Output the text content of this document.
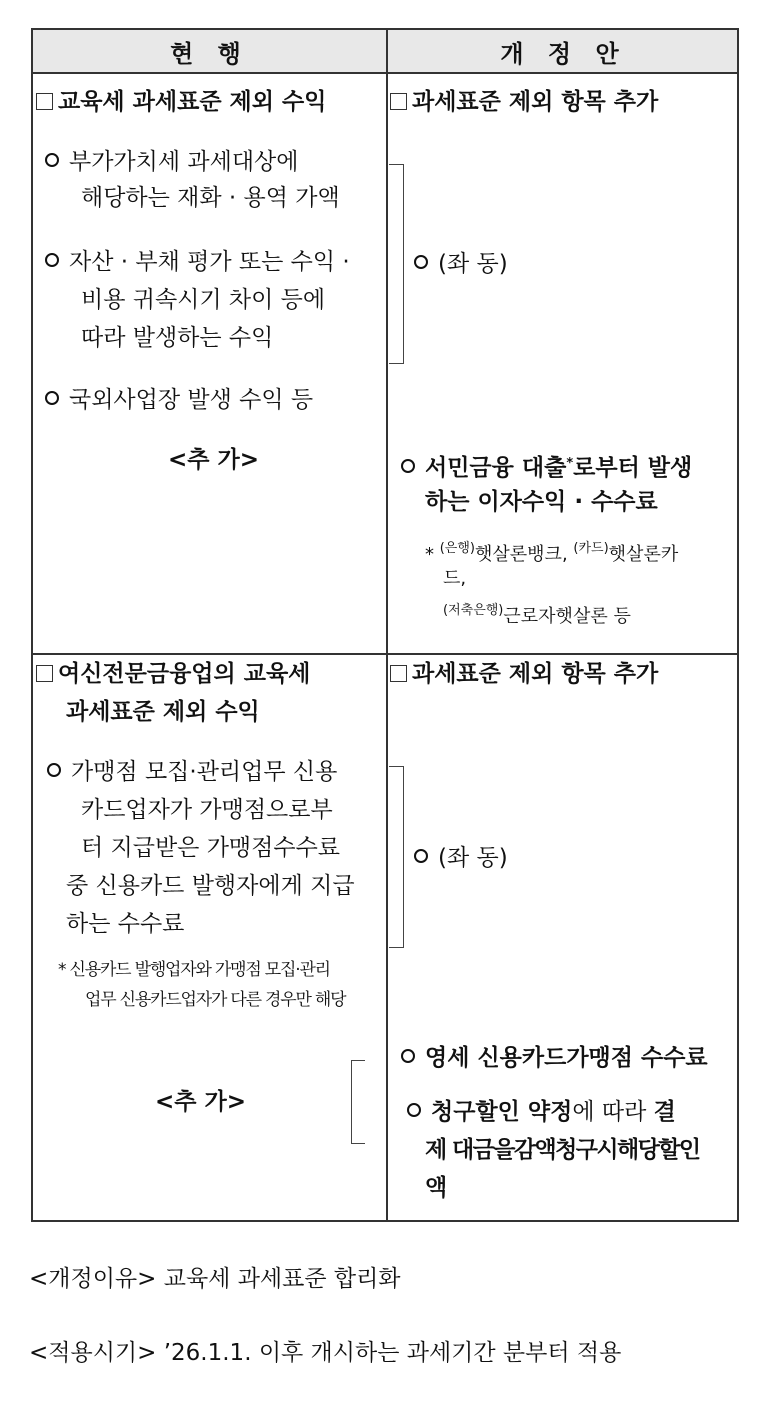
현 행	개 정 안
교육세 과세표준 제외 수익
부가가치세 과세대상에
해당하는 재화 · 용역 가액
자산 · 부채 평가 또는 수익 ·
비용 귀속시기 차이 등에
따라 발생하는 수익
국외사업장 발생 수익 등
<추 가>
과세표준 제외 항목 추가
(좌 동)
서민금융 대출*로부터 발생
하는 이자수익 · 수수료
* $^{(은행)}$햇살론뱅크, $^{(카드)}$햇살론카
드,
$^{(저축은행)}$근로자햇살론 등
여신전문금융업의 교육세
과세표준 제외 수익
가맹점 모집·관리업무 신용
카드업자가 가맹점으로부
터 지급받은 가맹점수수료
중 신용카드 발행자에게 지급
하는 수수료
* 신용카드 발행업자와 가맹점 모집·관리
업무 신용카드업자가 다른 경우만 해당
<추 가>
과세표준 제외 항목 추가
(좌 동)
영세 신용카드가맹점 수수료
청구할인 약정에 따라 결
제 대금을감액청구시해당할인
액
<개정이유> 교육세 과세표준 합리화
<적용시기> ’26.1.1. 이후 개시하는 과세기간 분부터 적용
